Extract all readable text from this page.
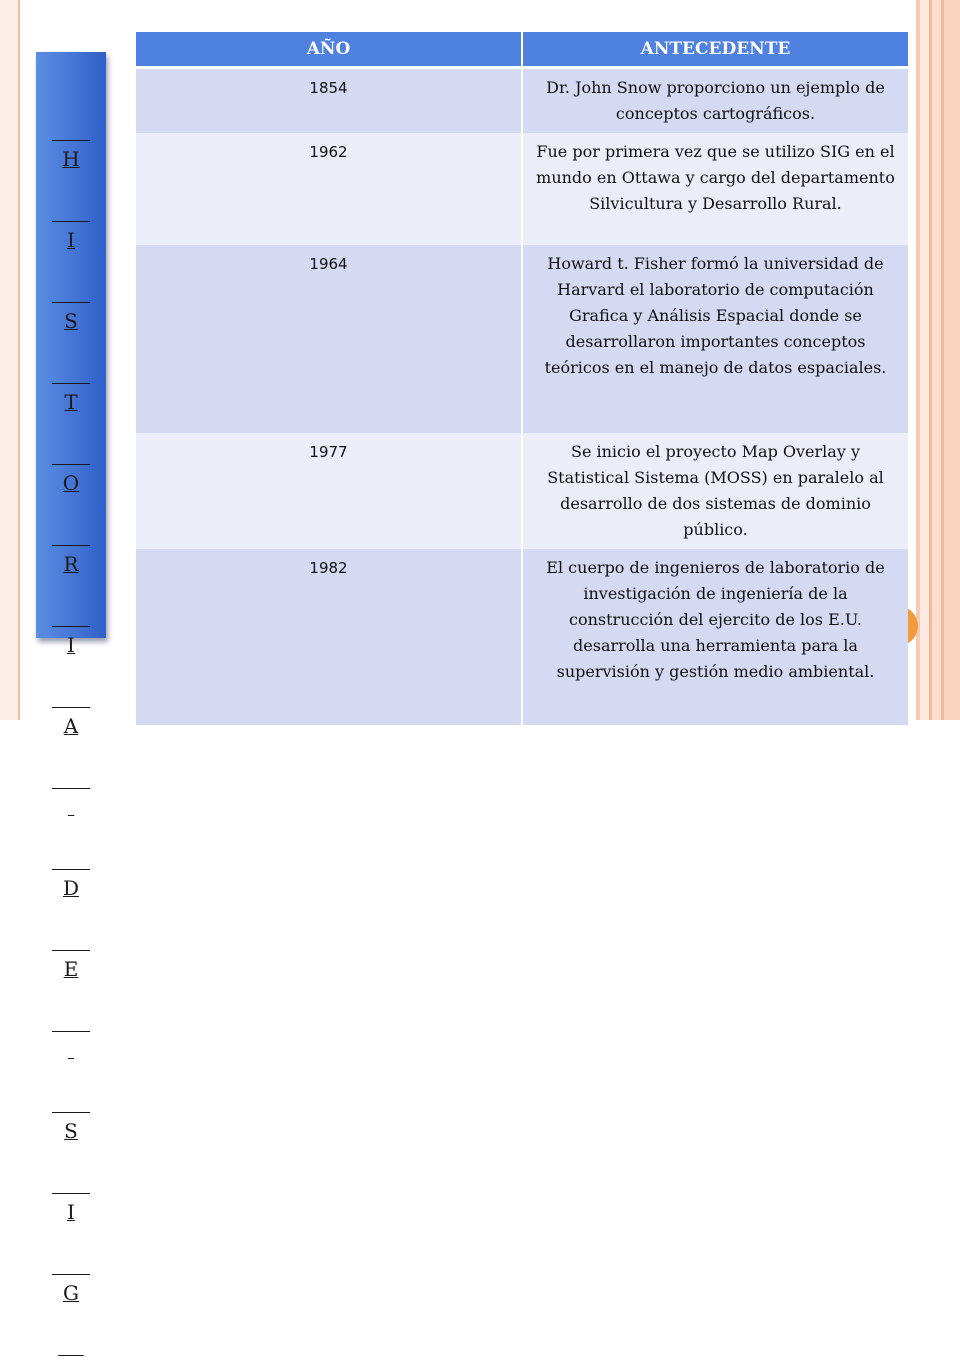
H

I

S

T

O

R

I

A

D

E

S

I

G

AÑO	ANTECEDENTE
1854	Dr. John Snow proporciono un ejemplo de conceptos cartográficos.
1962	Fue por primera vez que se utilizo SIG en el mundo en Ottawa y cargo del departamento Silvicultura y Desarrollo Rural.
1964	Howard t. Fisher formó la universidad de Harvard el laboratorio de computación Grafica y Análisis Espacial donde se desarrollaron importantes conceptos teóricos en el manejo de datos espaciales.
1977	Se inicio el proyecto Map Overlay y Statistical Sistema (MOSS) en paralelo al desarrollo de dos sistemas de dominio público.
1982	El cuerpo de ingenieros de laboratorio de investigación de ingeniería de la construcción del ejercito de los E.U. desarrolla una herramienta para la supervisión y gestión medio ambiental.
